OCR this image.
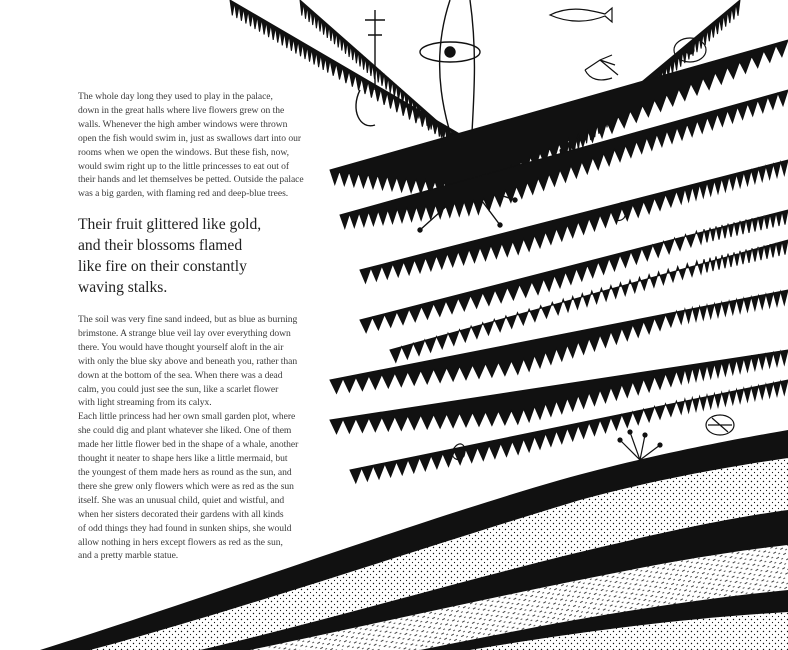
The whole day long they used to play in the palace,
down in the great halls where live flowers grew on the
walls. Whenever the high amber windows were thrown
open the fish would swim in, just as swallows dart into our
rooms when we open the windows. But these fish, now,
would swim right up to the little princesses to eat out of
their hands and let themselves be petted. Outside the palace
was a big garden, with flaming red and deep-blue trees.

Their fruit glittered like gold,
and their blossoms flamed
like fire on their constantly
waving stalks.

The soil was very fine sand indeed, but as blue as burning
brimstone. A strange blue veil lay over everything down
there. You would have thought yourself aloft in the air
with only the blue sky above and beneath you, rather than
down at the bottom of the sea. When there was a dead
calm, you could just see the sun, like a scarlet flower
with light streaming from its calyx.
Each little princess had her own small garden plot, where
she could dig and plant whatever she liked. One of them
made her little flower bed in the shape of a whale, another
thought it neater to shape hers like a little mermaid, but
the youngest of them made hers as round as the sun, and
there she grew only flowers which were as red as the sun
itself. She was an unusual child, quiet and wistful, and
when her sisters decorated their gardens with all kinds
of odd things they had found in sunken ships, she would
allow nothing in hers except flowers as red as the sun,
and a pretty marble statue.
